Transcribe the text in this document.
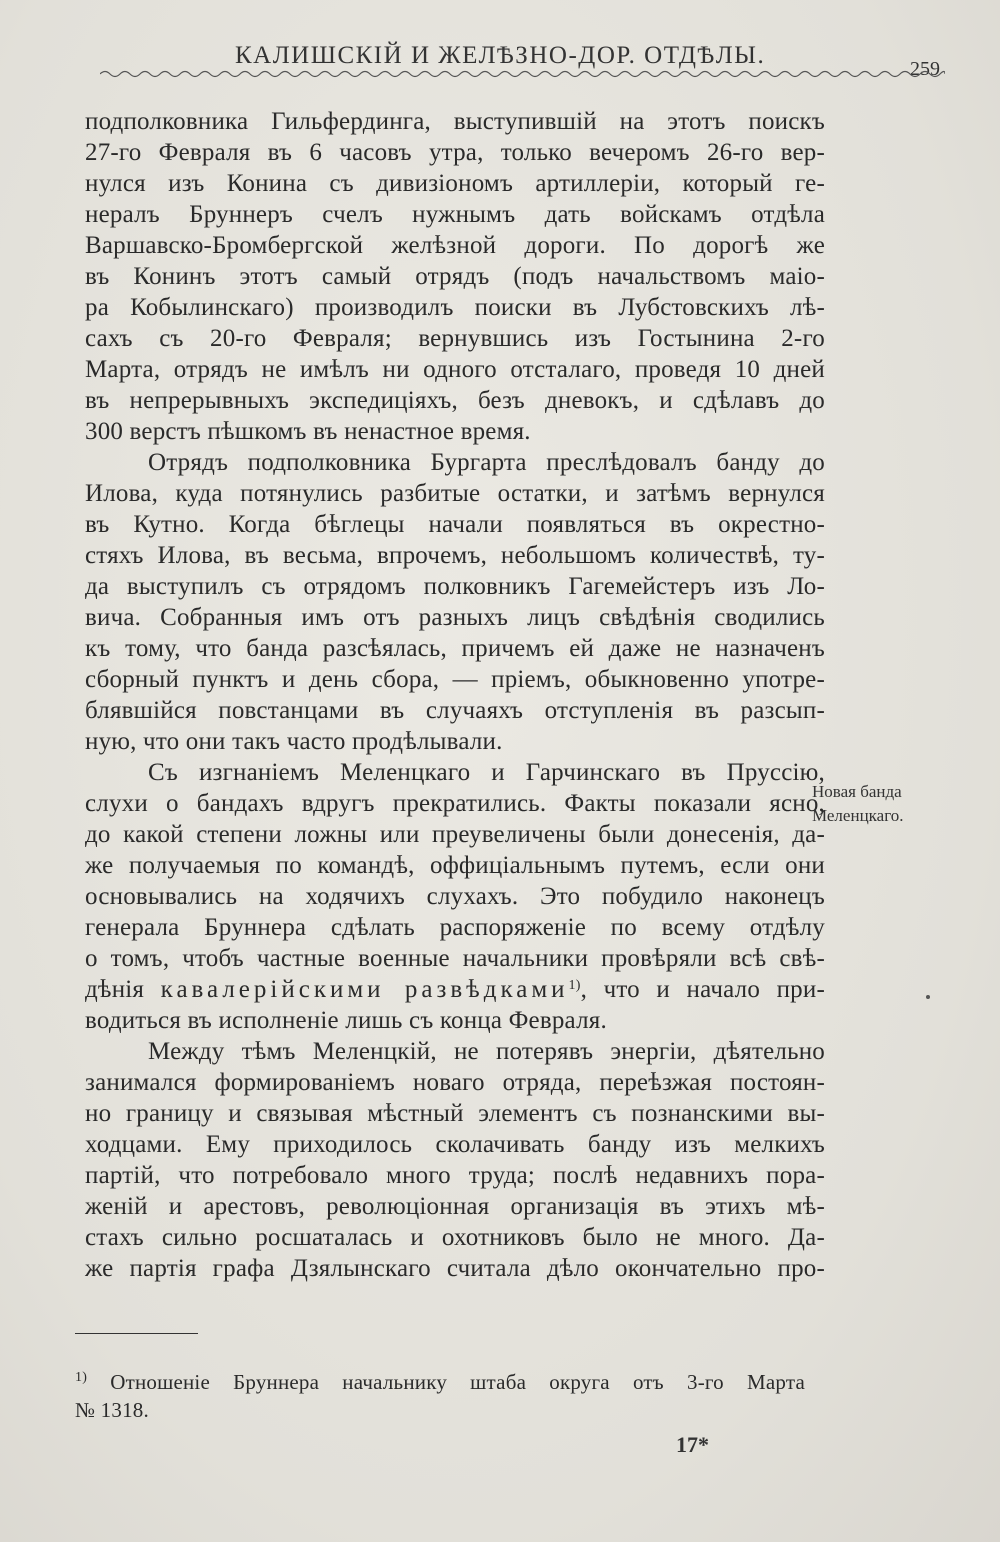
КАЛИШСКІЙ И ЖЕЛѢЗНО-ДОР. ОТДѢЛЫ.	259
подполковника Гильфердинга, выступившій на этотъ поискъ
27-го Февраля въ 6 часовъ утра, только вечеромъ 26-го вер-
нулся изъ Конина съ дивизіономъ артиллеріи, который ге-
нералъ Бруннеръ счелъ нужнымъ дать войскамъ отдѣла
Варшавско-Бромбергской желѣзной дороги. По дорогѣ же
въ Конинъ этотъ самый отрядъ (подъ начальствомъ маіо-
ра Кобылинскаго) производилъ поиски въ Лубстовскихъ лѣ-
сахъ съ 20-го Февраля; вернувшись изъ Гостынина 2-го
Марта, отрядъ не имѣлъ ни одного отсталаго, проведя 10 дней
въ непрерывныхъ экспедиціяхъ, безъ дневокъ, и сдѣлавъ до
300 верстъ пѣшкомъ въ ненастное время.
Отрядъ подполковника Бургарта преслѣдовалъ банду до
Илова, куда потянулись разбитые остатки, и затѣмъ вернулся
въ Кутно. Когда бѣглецы начали появляться въ окрестно-
стяхъ Илова, въ весьма, впрочемъ, небольшомъ количествѣ, ту-
да выступилъ съ отрядомъ полковникъ Гагемейстеръ изъ Ло-
вича. Собранныя имъ отъ разныхъ лицъ свѣдѣнія сводились
къ тому, что банда разсѣялась, причемъ ей даже не назначенъ
сборный пунктъ и день сбора, — пріемъ, обыкновенно употре-
блявшійся повстанцами въ случаяхъ отступленія въ разсып-
ную, что они такъ часто продѣлывали.
Съ изгнаніемъ Меленцкаго и Гарчинскаго въ Пруссію,
слухи о бандахъ вдругъ прекратились. Факты показали ясно,
до какой степени ложны или преувеличены были донесенія, да-
же получаемыя по командѣ, оффиціальнымъ путемъ, если они
основывались на ходячихъ слухахъ. Это побудило наконецъ
генерала Бруннера сдѣлать распоряженіе по всему отдѣлу
о томъ, чтобъ частные военные начальники провѣряли всѣ свѣ-
дѣнія кавалерійскими развѣдками$^{1)}$, что и начало при-
водиться въ исполненіе лишь съ конца Февраля.
Между тѣмъ Меленцкій, не потерявъ энергіи, дѣятельно
занимался формированіемъ новаго отряда, переѣзжая постоян-
но границу и связывая мѣстный элементъ съ познанскими вы-
ходцами. Ему приходилось сколачивать банду изъ мелкихъ
партій, что потребовало много труда; послѣ недавнихъ пора-
женій и арестовъ, революціонная организація въ этихъ мѣ-
стахъ сильно росшаталась и охотниковъ было не много. Да-
же партія графа Дзялынскаго считала дѣло окончательно про-
Новая банда
Меленцкаго.
$^{1)}$ Отношеніе Бруннера начальнику штаба округа отъ 3-го Марта
№ 1318.
17*
